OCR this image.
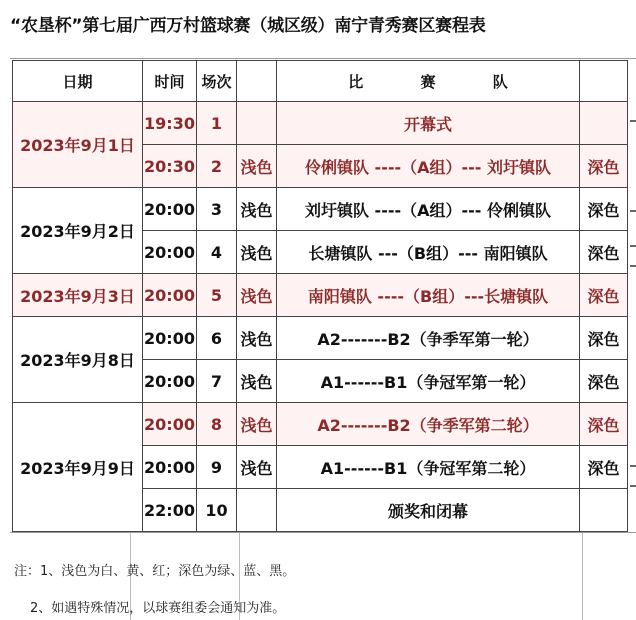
“农垦杯”第七届广西万村篮球赛（城区级）南宁青秀赛区赛程表
日期	时间	场次		比 赛 队	
2023年9月1日	19:30	1		开幕式	
	20:30	2	浅色	伶俐镇队 ----（A组）--- 刘圩镇队	深色
2023年9月2日	20:00	3	浅色	刘圩镇队 ----（A组）--- 伶俐镇队	深色
	20:00	4	浅色	长塘镇队 ---（B组）--- 南阳镇队	深色
2023年9月3日	20:00	5	浅色	南阳镇队 ----（B组）---长塘镇队	深色
2023年9月8日	20:00	6	浅色	A2-------B2（争季军第一轮）	深色
	20:00	7	浅色	A1------B1（争冠军第一轮）	深色
2023年9月9日	20:00	8	浅色	A2-------B2（争季军第二轮）	深色
	20:00	9	浅色	A1------B1（争冠军第二轮）	深色
	22:00	10		颁奖和闭幕	
注：1、浅色为白、黄、红；深色为绿、蓝、黑。
2、如遇特殊情况，以球赛组委会通知为准。
